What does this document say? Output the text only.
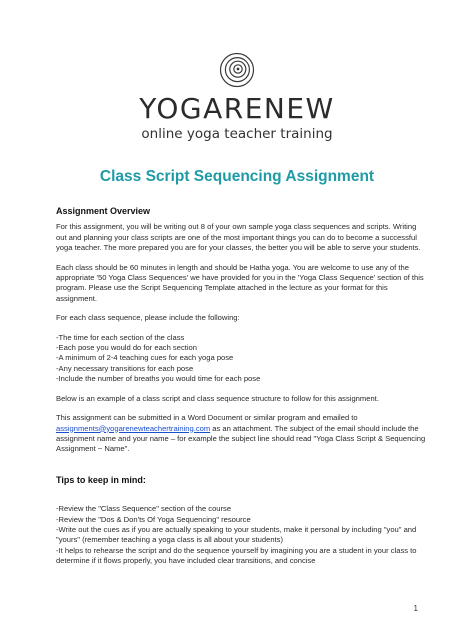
YOGARENEW
online yoga teacher training
Class Script Sequencing Assignment
Assignment Overview
For this assignment, you will be writing out 8 of your own sample yoga class sequences and scripts. Writing out and planning your class scripts are one of the most important things you can do to become a successful yoga teacher. The more prepared you are for your classes, the better you will be able to serve your students.
Each class should be 60 minutes in length and should be Hatha yoga. You are welcome to use any of the appropriate '50 Yoga Class Sequences' we have provided for you in the 'Yoga Class Sequence' section of this program. Please use the Script Sequencing Template attached in the lecture as your format for this assignment.
For each class sequence, please include the following:
-The time for each section of the class
-Each pose you would do for each section
-A minimum of 2-4 teaching cues for each yoga pose
-Any necessary transitions for each pose
-Include the number of breaths you would time for each pose
Below is an example of a class script and class sequence structure to follow for this assignment.
This assignment can be submitted in a Word Document or similar program and emailed to assignments@yogarenewteachertraining.com as an attachment. The subject of the email should include the assignment name and your name – for example the subject line should read "Yoga Class Script & Sequencing Assignment ~ Name".
Tips to keep in mind:
-Review the "Class Sequence" section of the course
-Review the "Dos & Don'ts Of Yoga Sequencing" resource
-Write out the cues as if you are actually speaking to your students, make it personal by including "you" and "yours" (remember teaching a yoga class is all about your students)
-It helps to rehearse the script and do the sequence yourself by imagining you are a student in your class to determine if it flows properly, you have included clear transitions, and concise
1
